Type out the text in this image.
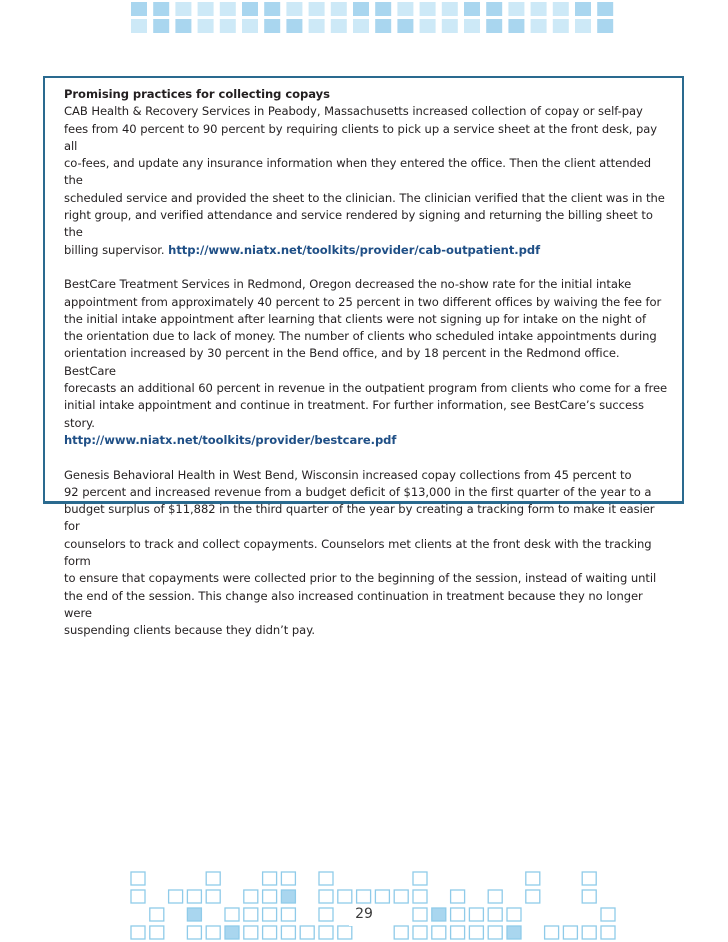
Promising practices for collecting copays

CAB Health & Recovery Services in Peabody, Massachusetts increased collection of copay or self-pay
fees from 40 percent to 90 percent by requiring clients to pick up a service sheet at the front desk, pay all
co-fees, and update any insurance information when they entered the office. Then the client attended the
scheduled service and provided the sheet to the clinician. The clinician verified that the client was in the
right group, and verified attendance and service rendered by signing and returning the billing sheet to the
billing supervisor. http://www.niatx.net/toolkits/provider/cab-outpatient.pdf

BestCare Treatment Services in Redmond, Oregon decreased the no-show rate for the initial intake
appointment from approximately 40 percent to 25 percent in two different offices by waiving the fee for
the initial intake appointment after learning that clients were not signing up for intake on the night of
the orientation due to lack of money. The number of clients who scheduled intake appointments during
orientation increased by 30 percent in the Bend office, and by 18 percent in the Redmond office. BestCare
forecasts an additional 60 percent in revenue in the outpatient program from clients who come for a free
initial intake appointment and continue in treatment. For further information, see BestCare’s success story.
http://www.niatx.net/toolkits/provider/bestcare.pdf

Genesis Behavioral Health in West Bend, Wisconsin increased copay collections from 45 percent to
92 percent and increased revenue from a budget deficit of $13,000 in the first quarter of the year to a
budget surplus of $11,882 in the third quarter of the year by creating a tracking form to make it easier for
counselors to track and collect copayments. Counselors met clients at the front desk with the tracking form
to ensure that copayments were collected prior to the beginning of the session, instead of waiting until
the end of the session. This change also increased continuation in treatment because they no longer were
suspending clients because they didn’t pay.

29
